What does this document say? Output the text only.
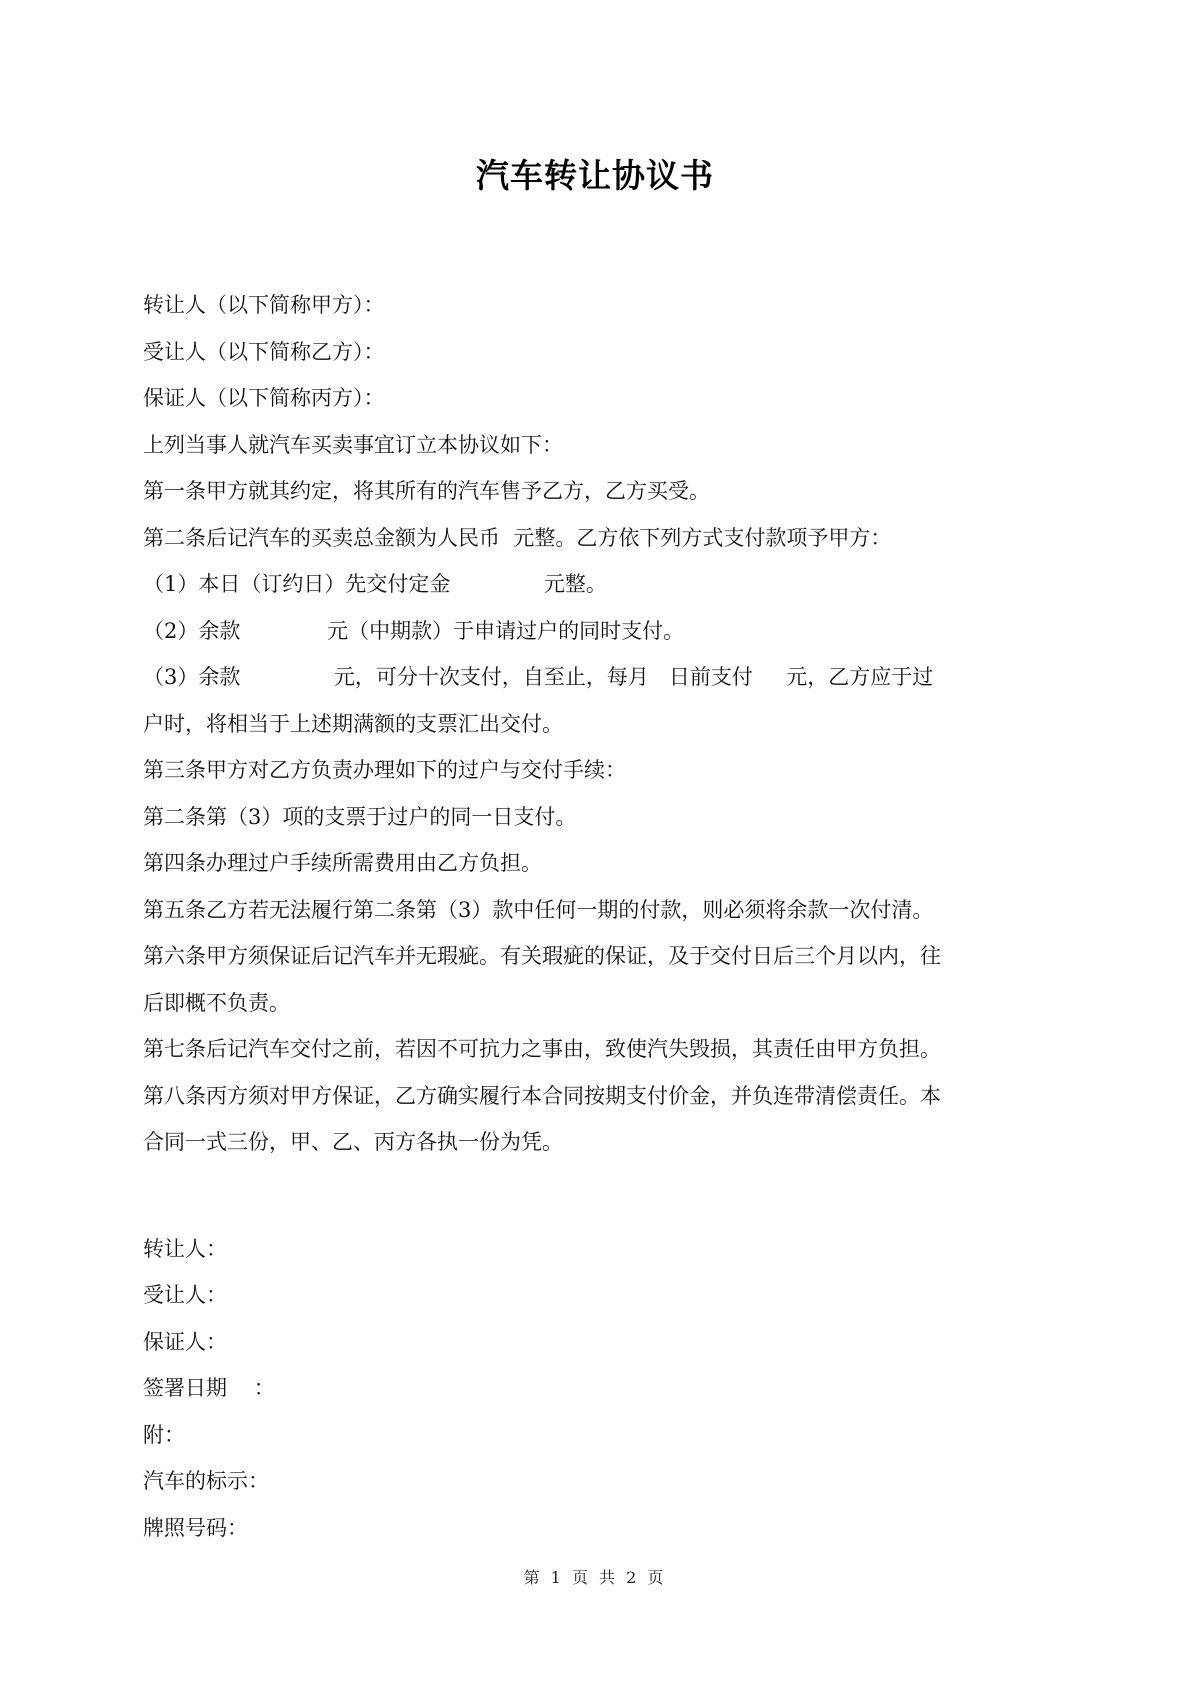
汽车转让协议书
转让人（以下简称甲方）：
受让人（以下简称乙方）：
保证人（以下简称丙方）：
上列当事人就汽车买卖事宜订立本协议如下：
第一条甲方就其约定，将其所有的汽车售予乙方，乙方买受。
第二条后记汽车的买卖总金额为人民币  元整。乙方依下列方式支付款项予甲方：
（1）本日（订约日）先交付定金              元整。
（2）余款             元（中期款）于申请过户的同时支付。
（3）余款              元，可分十次支付，自至止，每月   日前支付     元，乙方应于过
户时，将相当于上述期满额的支票汇出交付。
第三条甲方对乙方负责办理如下的过户与交付手续：
第二条第（3）项的支票于过户的同一日支付。
第四条办理过户手续所需费用由乙方负担。
第五条乙方若无法履行第二条第（3）款中任何一期的付款，则必须将余款一次付清。
第六条甲方须保证后记汽车并无瑕疵。有关瑕疵的保证，及于交付日后三个月以内，往
后即概不负责。
第七条后记汽车交付之前，若因不可抗力之事由，致使汽失毁损，其责任由甲方负担。
第八条丙方须对甲方保证，乙方确实履行本合同按期支付价金，并负连带清偿责任。本
合同一式三份，甲、乙、丙方各执一份为凭。
转让人：
受让人：
保证人：
签署日期    ：
附：
汽车的标示：
牌照号码：
第 1 页 共 2 页
